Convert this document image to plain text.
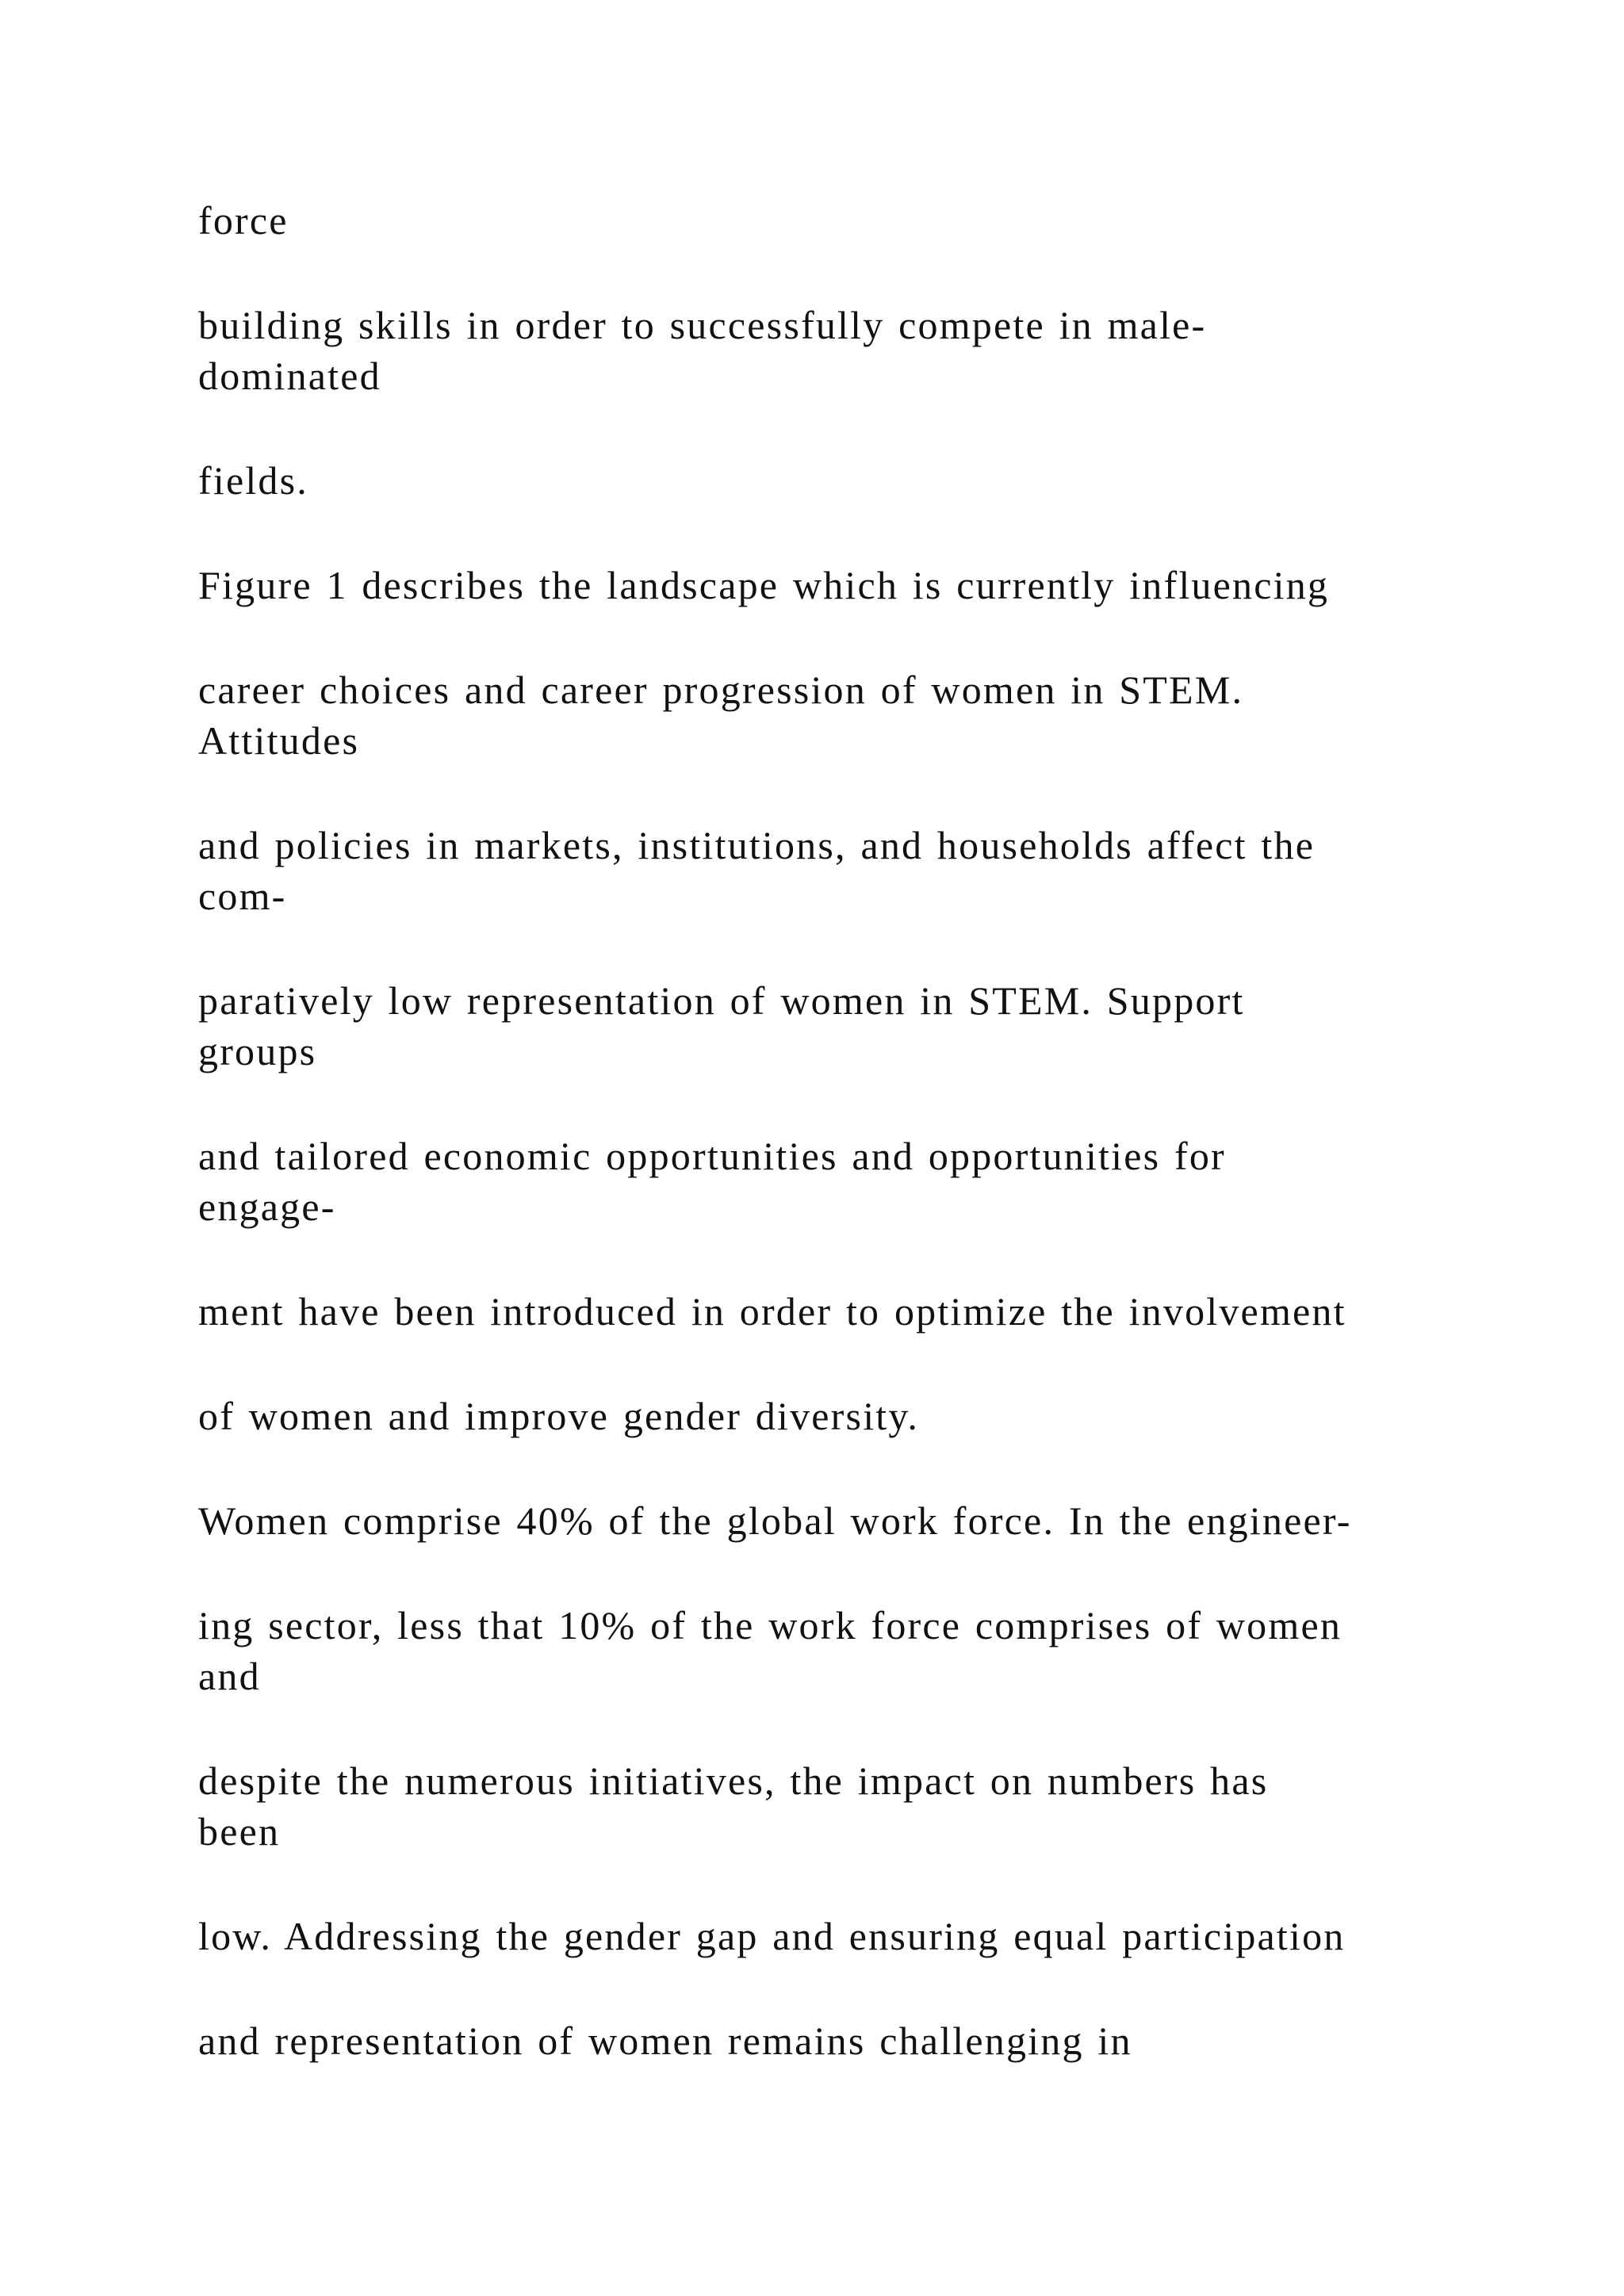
force

building skills in order to successfully compete in male-
dominated

fields.

Figure 1 describes the landscape which is currently influencing

career choices and career progression of women in STEM.
Attitudes

and policies in markets, institutions, and households affect the
com-

paratively low representation of women in STEM. Support
groups

and tailored economic opportunities and opportunities for
engage-

ment have been introduced in order to optimize the involvement

of women and improve gender diversity.

Women comprise 40% of the global work force. In the engineer-

ing sector, less that 10% of the work force comprises of women
and

despite the numerous initiatives, the impact on numbers has
been

low. Addressing the gender gap and ensuring equal participation

and representation of women remains challenging in
